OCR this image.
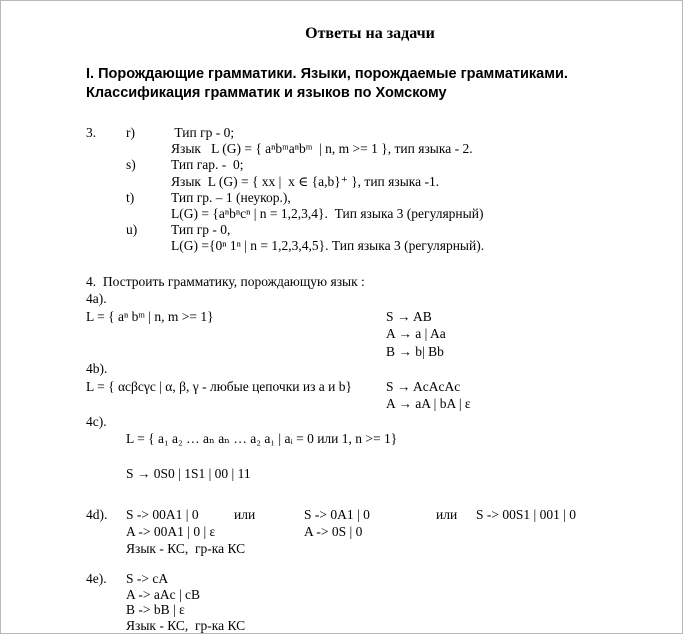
Ответы на задачи
I. Порождающие грамматики. Языки, порождаемые грамматиками.
Классификация грамматик и языков по Хомскому
3.	r)	Тип гр - 0;
Язык   L (G) = { aⁿbᵐaⁿbᵐ  | n, m >= 1 }, тип языка - 2.
s)	Тип гар. -  0;
Язык  L (G) = { xx |  x ∈ {a,b}⁺ }, тип языка -1.
t)	Тип гр. – 1 (неукор.),
L(G) = {aⁿbⁿcⁿ | n = 1,2,3,4}.  Тип языка 3 (регулярный)
u)	Тип гр - 0,
L(G) ={0ⁿ 1ⁿ | n = 1,2,3,4,5}. Тип языка 3 (регулярный).
4.  Построить грамматику, порождающую язык :
4a).
L = { aⁿ bᵐ | n, m >= 1}	S → AB
A → a | Aa
B → b| Bb
4b).
L = { αcβcγc | α, β, γ - любые цепочки из a и b}	S → AcAcAc
A → aA | bA | ε
4c).
L = { a₁ a₂ … aₙ aₙ … a₂ a₁ | aᵢ = 0 или 1, n >= 1}
S → 0S0 | 1S1 | 00 | 11
4d).	S -> 00A1 | 0	или	S -> 0A1 | 0	или	S -> 00S1 | 001 | 0
A -> 00A1 | 0 | ε	A -> 0S | 0
Язык - КС,  гр-ка КС
4e).	S -> cA
A -> aAc | cB
B -> bB | ε
Язык - КС,  гр-ка КС
